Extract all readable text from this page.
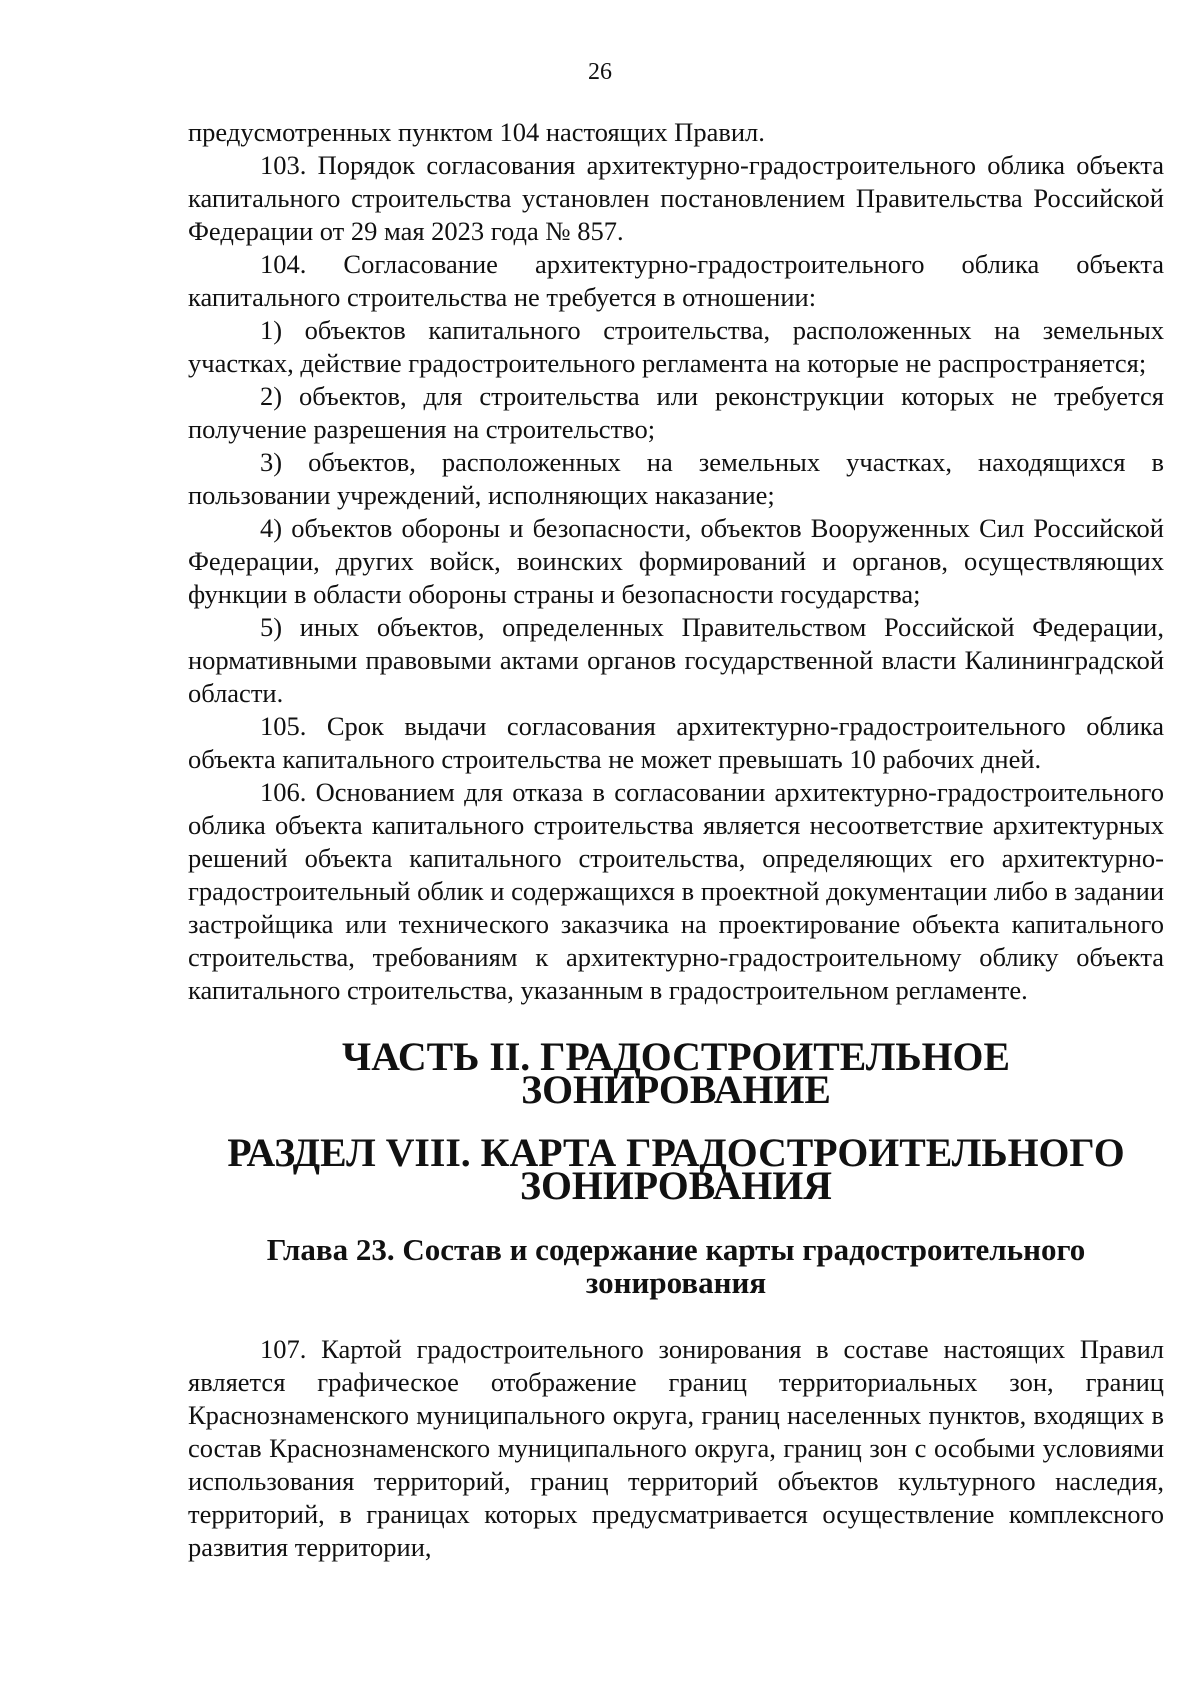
26

предусмотренных пунктом 104 настоящих Правил.

103. Порядок согласования архитектурно-градостроительного облика объекта капитального строительства установлен постановлением Правительства Российской Федерации от 29 мая 2023 года № 857.

104. Согласование архитектурно-градостроительного облика объекта капитального строительства не требуется в отношении:

1) объектов капитального строительства, расположенных на земельных участках, действие градостроительного регламента на которые не распространяется;

2) объектов, для строительства или реконструкции которых не требуется получение разрешения на строительство;

3) объектов, расположенных на земельных участках, находящихся в пользовании учреждений, исполняющих наказание;

4) объектов обороны и безопасности, объектов Вооруженных Сил Российской Федерации, других войск, воинских формирований и органов, осуществляющих функции в области обороны страны и безопасности государства;

5) иных объектов, определенных Правительством Российской Федерации, нормативными правовыми актами органов государственной власти Калининградской области.

105. Срок выдачи согласования архитектурно-градостроительного облика объекта капитального строительства не может превышать 10 рабочих дней.

106. Основанием для отказа в согласовании архитектурно-градостроительного облика объекта капитального строительства является несоответствие архитектурных решений объекта капитального строительства, определяющих его архитектурно-градостроительный облик и содержащихся в проектной документации либо в задании застройщика или технического заказчика на проектирование объекта капитального строительства, требованиям к архитектурно-градостроительному облику объекта капитального строительства, указанным в градостроительном регламенте.

ЧАСТЬ II. ГРАДОСТРОИТЕЛЬНОЕ ЗОНИРОВАНИЕ
РАЗДЕЛ VIII. КАРТА ГРАДОСТРОИТЕЛЬНОГО ЗОНИРОВАНИЯ
Глава 23. Состав и содержание карты градостроительного зонирования

107. Картой градостроительного зонирования в составе настоящих Правил является графическое отображение границ территориальных зон, границ Краснознаменского муниципального округа, границ населенных пунктов, входящих в состав Краснознаменского муниципального округа, границ зон с особыми условиями использования территорий, границ территорий объектов культурного наследия, территорий, в границах которых предусматривается осуществление комплексного развития территории,
